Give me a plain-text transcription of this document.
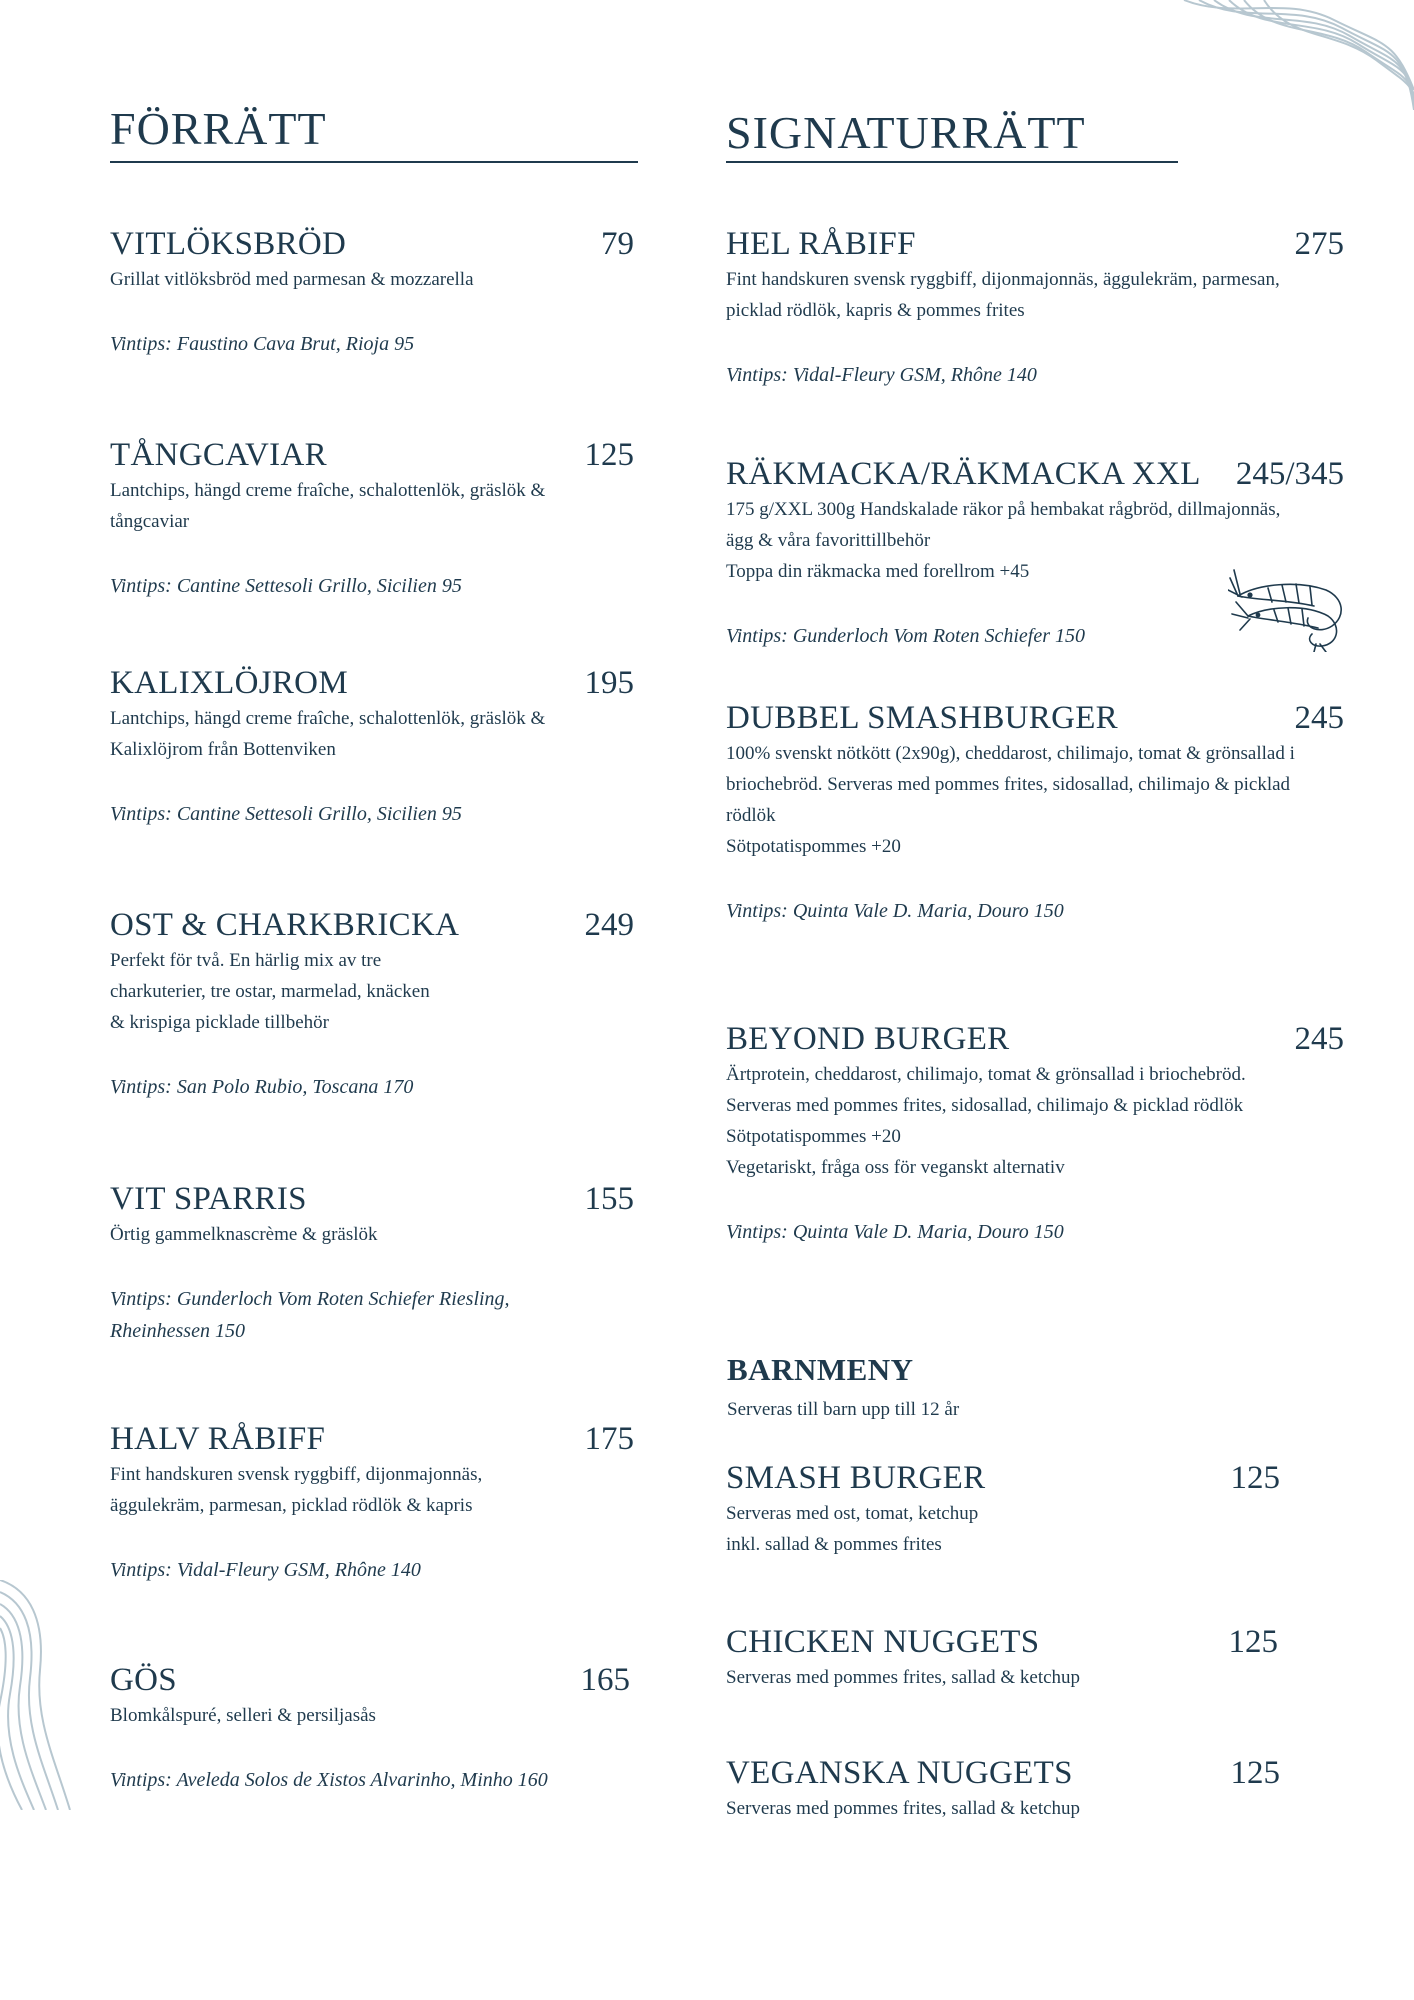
FÖRRÄTT	SIGNATURRÄTT
VITLÖKSBRÖD	79
Grillat vitlöksbröd med parmesan & mozzarella
Vintips: Faustino Cava Brut, Rioja 95
TÅNGCAVIAR	125
Lantchips, hängd creme fraîche, schalottenlök, gräslök &
tångcaviar
Vintips: Cantine Settesoli Grillo, Sicilien 95
KALIXLÖJROM	195
Lantchips, hängd creme fraîche, schalottenlök, gräslök &
Kalixlöjrom från Bottenviken
Vintips: Cantine Settesoli Grillo, Sicilien 95
OST & CHARKBRICKA	249
Perfekt för två. En härlig mix av tre
charkuterier, tre ostar, marmelad, knäcken
& krispiga picklade tillbehör
Vintips: San Polo Rubio, Toscana 170
VIT SPARRIS	155
Örtig gammelknascrème & gräslök
Vintips: Gunderloch Vom Roten Schiefer Riesling,
Rheinhessen 150
HALV RÅBIFF	175
Fint handskuren svensk ryggbiff, dijonmajonnäs,
äggulekräm, parmesan, picklad rödlök & kapris
Vintips: Vidal-Fleury GSM, Rhône 140
GÖS	165
Blomkålspuré, selleri & persiljasås
Vintips: Aveleda Solos de Xistos Alvarinho, Minho 160
HEL RÅBIFF	275
Fint handskuren svensk ryggbiff, dijonmajonnäs, äggulekräm, parmesan,
picklad rödlök, kapris & pommes frites
Vintips: Vidal-Fleury GSM, Rhône 140
RÄKMACKA/RÄKMACKA XXL	245/345
175 g/XXL 300g Handskalade räkor på hembakat rågbröd, dillmajonnäs,
ägg & våra favorittillbehör
Toppa din räkmacka med forellrom +45
Vintips: Gunderloch Vom Roten Schiefer 150
DUBBEL SMASHBURGER	245
100% svenskt nötkött (2x90g), cheddarost, chilimajo, tomat & grönsallad i
briochebröd. Serveras med pommes frites, sidosallad, chilimajo & picklad
rödlök
Sötpotatispommes +20
Vintips: Quinta Vale D. Maria, Douro 150
BEYOND BURGER	245
Ärtprotein, cheddarost, chilimajo, tomat & grönsallad i briochebröd.
Serveras med pommes frites, sidosallad, chilimajo & picklad rödlök
Sötpotatispommes +20
Vegetariskt, fråga oss för veganskt alternativ
Vintips: Quinta Vale D. Maria, Douro 150
BARNMENY
Serveras till barn upp till 12 år
SMASH BURGER	125
Serveras med ost, tomat, ketchup
inkl. sallad & pommes frites
CHICKEN NUGGETS	125
Serveras med pommes frites, sallad & ketchup
VEGANSKA NUGGETS	125
Serveras med pommes frites, sallad & ketchup
